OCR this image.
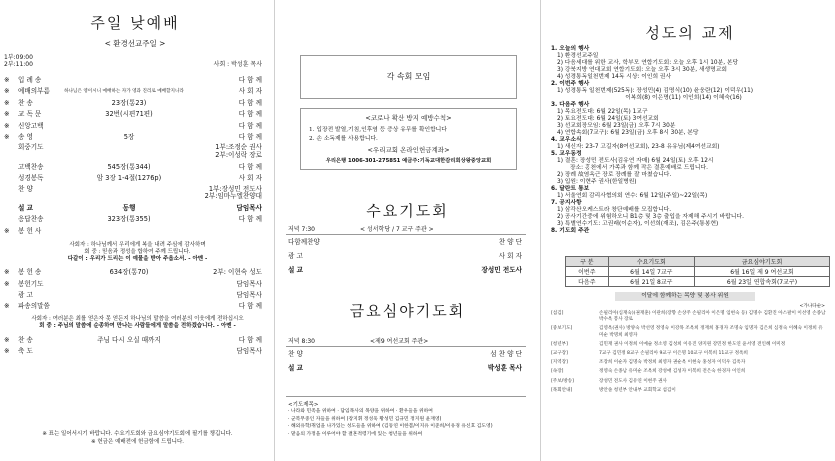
주일 낮예배
< 환경선교주일 >
1부:09:00
2부:11:00	사회 : 박성훈 목사
※	입 례 송	다 함 께
※	예배의부름	하나님은 영이시니 예배하는 자가 영과 진리로 예배할지니라	사 회 자
※	찬 송	23장(통23)	다 함 께
※	교 독 문	32번(시편71편)	다 함 께
※	신앙고백	다 함 께
※	송 영	5장	다 함 께
회중기도	1부:조정순 권사
2부:이성락 장로
고백찬송	545장(통344)	다 함 께
성경봉독	암 3장 1-4절(1276p)	사 회 자
찬 양	1부:장성민 전도사
2부:임마누엘찬양대
설 교	동행	담임목사
응답찬송	323장(통355)	다 함 께
※	봉 헌 사
※	봉 헌 송	634장(통70)	2부: 이현숙 성도
※	봉헌기도	담임목사
광 고	담임목사
※	파송의말씀	다 함 께
※	찬 송	주님 다시 오실 때까지	다 함 께
※	축 도	담임목사
사회자 : 하나님께서 우리에게 복을 내려 주심에 감사하며
회 중 : 믿음과 정성을 합하여 주께 드립니다.
다같이 : 우리가 드리는 이 예물을 받아 주옵소서. - 아멘 -
사회자 : 여러분은 최를 얻은자 못 얻든지 하나님의 말씀을 여러분의 이웃에게 전하십시오
회 중 : 주님의 말씀에 순종하여 만나는 사람들에게 말씀을 전하겠습니다. - 아멘 -
※ 표는 일어서시기 바랍니다. 수요기도회와 금요심야기도회에 필기를 챙깁니다.
※ 헌금은 예배전에 헌금함에 드립니다.
각 속회 모임
<코로나 확산 방지 예방수칙>
1. 입장전 발열,기침,인후염 등 증상 유무를 확인합니다
2. 손 소독제를 사용합니다.
<우리교회 온라인헌금계좌>
우리은행 1006-301-275851 예금주:기독교대한감리회상왕중앙교회
수요기도회
저녁 7:30	< 성서학당 / 7 교구 주관 >
다함께찬양	찬 양 단
광 고	사 회 자
설 교	장성민 전도사
금요심야기도회
저녁 8:30	<제9 여선교회 주관>
찬 양	섬 찬 양 단
설 교	박성훈 목사
<기도제목>
· 나라와 민족을 위하여 · 담임목사의 목양을 위하여 · 환우들을 위하여
· 군복무중인 자들을 위하여 (장지휘 정성욱 황성민 김규민 정지원 윤재영)
· 해외유학/취업을 나가있는 성도들을 위하여 (김동연 이한봄/이지유 이준희/이유경 유신호 김도영)
· 맡음의 가정을 이루어야 할 결혼적령기에 있는 청년들을 위하여
성도의 교제
1. 오늘의 행사
1) 환경선교주일
2) 다음세대를 위한 교사, 학부모 연합기도회: 오늘 오후 1시 10분, 본당
3) 강북지방 연대교회 연합기도회: 오늘 오후 3시 30분, 새생명교회
4) 성경통독일천번제 14독 시상: 이인희 권사
2. 이번주 행사
1) 성경통독 일천번제(525독): 장성민(4) 김명식(10) 윤웅란(12) 이덕우(11)
이복희(8) 이은명(11) 이인희(14) 이혜숙(16)
3. 다음주 행사
1) 목요전도대: 6월 22일(목) 1교구
2) 토요전도대: 6월 24일(토) 3여선교회
3) 선교회장모임: 6월 23일(금) 오후 7시 30분
4) 연합속회(7교구): 6월 23일(금) 오후 8시 30분, 본당
4. 교우소식
1) 새신자: 23-7 고길자(8여선교회), 23-8 유유님(제4여선교회)
5. 교우동정
1) 결혼: 장성민 전도사(김유연 자매) 6월 24일(토) 오후 12시
장소: 홍천에서 가족과 함께 작은 결혼예배로 드립니다.
2) 장례 故염옥근 장로 장례를 잘 마쳤습니다.
3) 입원: 이현주 권사(한일병원)
6. 달란트 통보
1) 서울연회 감리사협의회 연수: 6월 12일(주일)~22일(목)
7. 공지사항
1) 삼각산오케스트라 창단예배를 모집합니다.
2) 공사기간중에 위험하오니 B1층 및 3층 출입을 자제해 주시기 바랍니다.
3) 특별연수기도: 고권래(이순자), 이선희(재조), 김은주(통봉현)
8. 기도회 주관
구 분	수요기도회	금요심야기도회
이번주	6월 14일 7교구	6월 16일 제 9 여선교회
다음주	6월 21일 8교구	6월 23일 연합속회(7교구)
이달에 함께하는 목양 및 봉사 위원
<가나다순>
[섬김]	손필리아(심재숙)(권재훈) 이관희(장향 손상주 손필리아 이은명 임현숙 등) 김명수 김환진 아스팔이 이선영 손종남 박수옥 봉사 장로
[중보기도]	김영옥(권사) 방양숙 박선영 정영숙 이강목 조옥희 정재희 홍경자 조명숙 임명자 김은희 심정숙 이혜숙 이정희 유미순 박명희 최영자
[청년부]	김민재 권사 이정희 이예슬 정소영 김성희 이유진 양지원 강민정 한도연 윤서영 전인혜 이미정
[교구장]	7교구 김민정 8교구 손필리아 9교구 이은명 10교구 이복희 11교구 정옥희
[지역장]	조장희 이순자 김명숙 박정희 최영자 권순옥 이현숙 홍성자 이덕우 김옥자
[속장]	정영숙 손종남 유미순 조옥희 강성애 김성자 이복희 전은숙 한경자 이인희
[주보/방송]	장성민 전도사 김유연 이현주 권사
[목회안내]	방안솔 청년부 안내부 교회학교 섬김이
